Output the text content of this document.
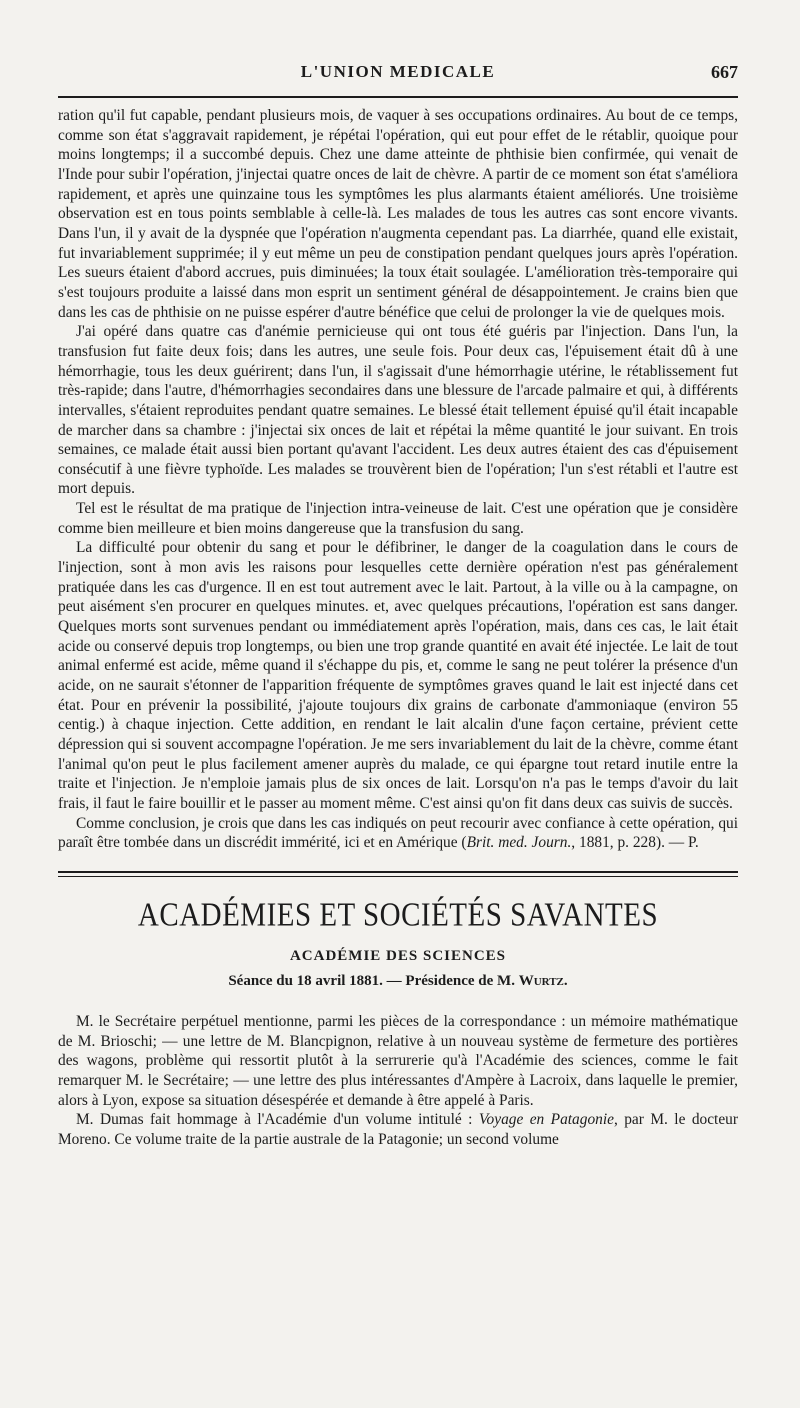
L'UNION MEDICALE	667

ration qu'il fut capable, pendant plusieurs mois, de vaquer à ses occupations ordinaires. Au bout de ce temps, comme son état s'aggravait rapidement, je répétai l'opération, qui eut pour effet de le rétablir, quoique pour moins longtemps; il a succombé depuis. Chez une dame atteinte de phthisie bien confirmée, qui venait de l'Inde pour subir l'opération, j'injectai quatre onces de lait de chèvre. A partir de ce moment son état s'améliora rapidement, et après une quinzaine tous les symptômes les plus alarmants étaient améliorés. Une troisième observation est en tous points semblable à celle-là. Les malades de tous les autres cas sont encore vivants. Dans l'un, il y avait de la dyspnée que l'opération n'augmenta cependant pas. La diarrhée, quand elle existait, fut invariablement supprimée; il y eut même un peu de constipation pendant quelques jours après l'opération. Les sueurs étaient d'abord accrues, puis diminuées; la toux était soulagée. L'amélioration très-temporaire qui s'est toujours produite a laissé dans mon esprit un sentiment général de désappointement. Je crains bien que dans les cas de phthisie on ne puisse espérer d'autre bénéfice que celui de prolonger la vie de quelques mois.

J'ai opéré dans quatre cas d'anémie pernicieuse qui ont tous été guéris par l'injection. Dans l'un, la transfusion fut faite deux fois; dans les autres, une seule fois. Pour deux cas, l'épuisement était dû à une hémorrhagie, tous les deux guérirent; dans l'un, il s'agissait d'une hémorrhagie utérine, le rétablissement fut très-rapide; dans l'autre, d'hémorrhagies secondaires dans une blessure de l'arcade palmaire et qui, à différents intervalles, s'étaient reproduites pendant quatre semaines. Le blessé était tellement épuisé qu'il était incapable de marcher dans sa chambre : j'injectai six onces de lait et répétai la même quantité le jour suivant. En trois semaines, ce malade était aussi bien portant qu'avant l'accident. Les deux autres étaient des cas d'épuisement consécutif à une fièvre typhoïde. Les malades se trouvèrent bien de l'opération; l'un s'est rétabli et l'autre est mort depuis.

Tel est le résultat de ma pratique de l'injection intra-veineuse de lait. C'est une opération que je considère comme bien meilleure et bien moins dangereuse que la transfusion du sang.

La difficulté pour obtenir du sang et pour le défibriner, le danger de la coagulation dans le cours de l'injection, sont à mon avis les raisons pour lesquelles cette dernière opération n'est pas généralement pratiquée dans les cas d'urgence. Il en est tout autrement avec le lait. Partout, à la ville ou à la campagne, on peut aisément s'en procurer en quelques minutes. et, avec quelques précautions, l'opération est sans danger. Quelques morts sont survenues pendant ou immédiatement après l'opération, mais, dans ces cas, le lait était acide ou conservé depuis trop longtemps, ou bien une trop grande quantité en avait été injectée. Le lait de tout animal enfermé est acide, même quand il s'échappe du pis, et, comme le sang ne peut tolérer la présence d'un acide, on ne saurait s'étonner de l'apparition fréquente de symptômes graves quand le lait est injecté dans cet état. Pour en prévenir la possibilité, j'ajoute toujours dix grains de carbonate d'ammoniaque (environ 55 centig.) à chaque injection. Cette addition, en rendant le lait alcalin d'une façon certaine, prévient cette dépression qui si souvent accompagne l'opération. Je me sers invariablement du lait de la chèvre, comme étant l'animal qu'on peut le plus facilement amener auprès du malade, ce qui épargne tout retard inutile entre la traite et l'injection. Je n'emploie jamais plus de six onces de lait. Lorsqu'on n'a pas le temps d'avoir du lait frais, il faut le faire bouillir et le passer au moment même. C'est ainsi qu'on fit dans deux cas suivis de succès.

Comme conclusion, je crois que dans les cas indiqués on peut recourir avec confiance à cette opération, qui paraît être tombée dans un discrédit immérité, ici et en Amérique (Brit. med. Journ., 1881, p. 228). — P.

ACADÉMIES ET SOCIÉTÉS SAVANTES
ACADÉMIE DES SCIENCES
Séance du 18 avril 1881. — Présidence de M. Wurtz.

M. le Secrétaire perpétuel mentionne, parmi les pièces de la correspondance : un mémoire mathématique de M. Brioschi; — une lettre de M. Blancpignon, relative à un nouveau système de fermeture des portières des wagons, problème qui ressortit plutôt à la serrurerie qu'à l'Académie des sciences, comme le fait remarquer M. le Secrétaire; — une lettre des plus intéressantes d'Ampère à Lacroix, dans laquelle le premier, alors à Lyon, expose sa situation désespérée et demande à être appelé à Paris.

M. Dumas fait hommage à l'Académie d'un volume intitulé : Voyage en Patagonie, par M. le docteur Moreno. Ce volume traite de la partie australe de la Patagonie; un second volume
